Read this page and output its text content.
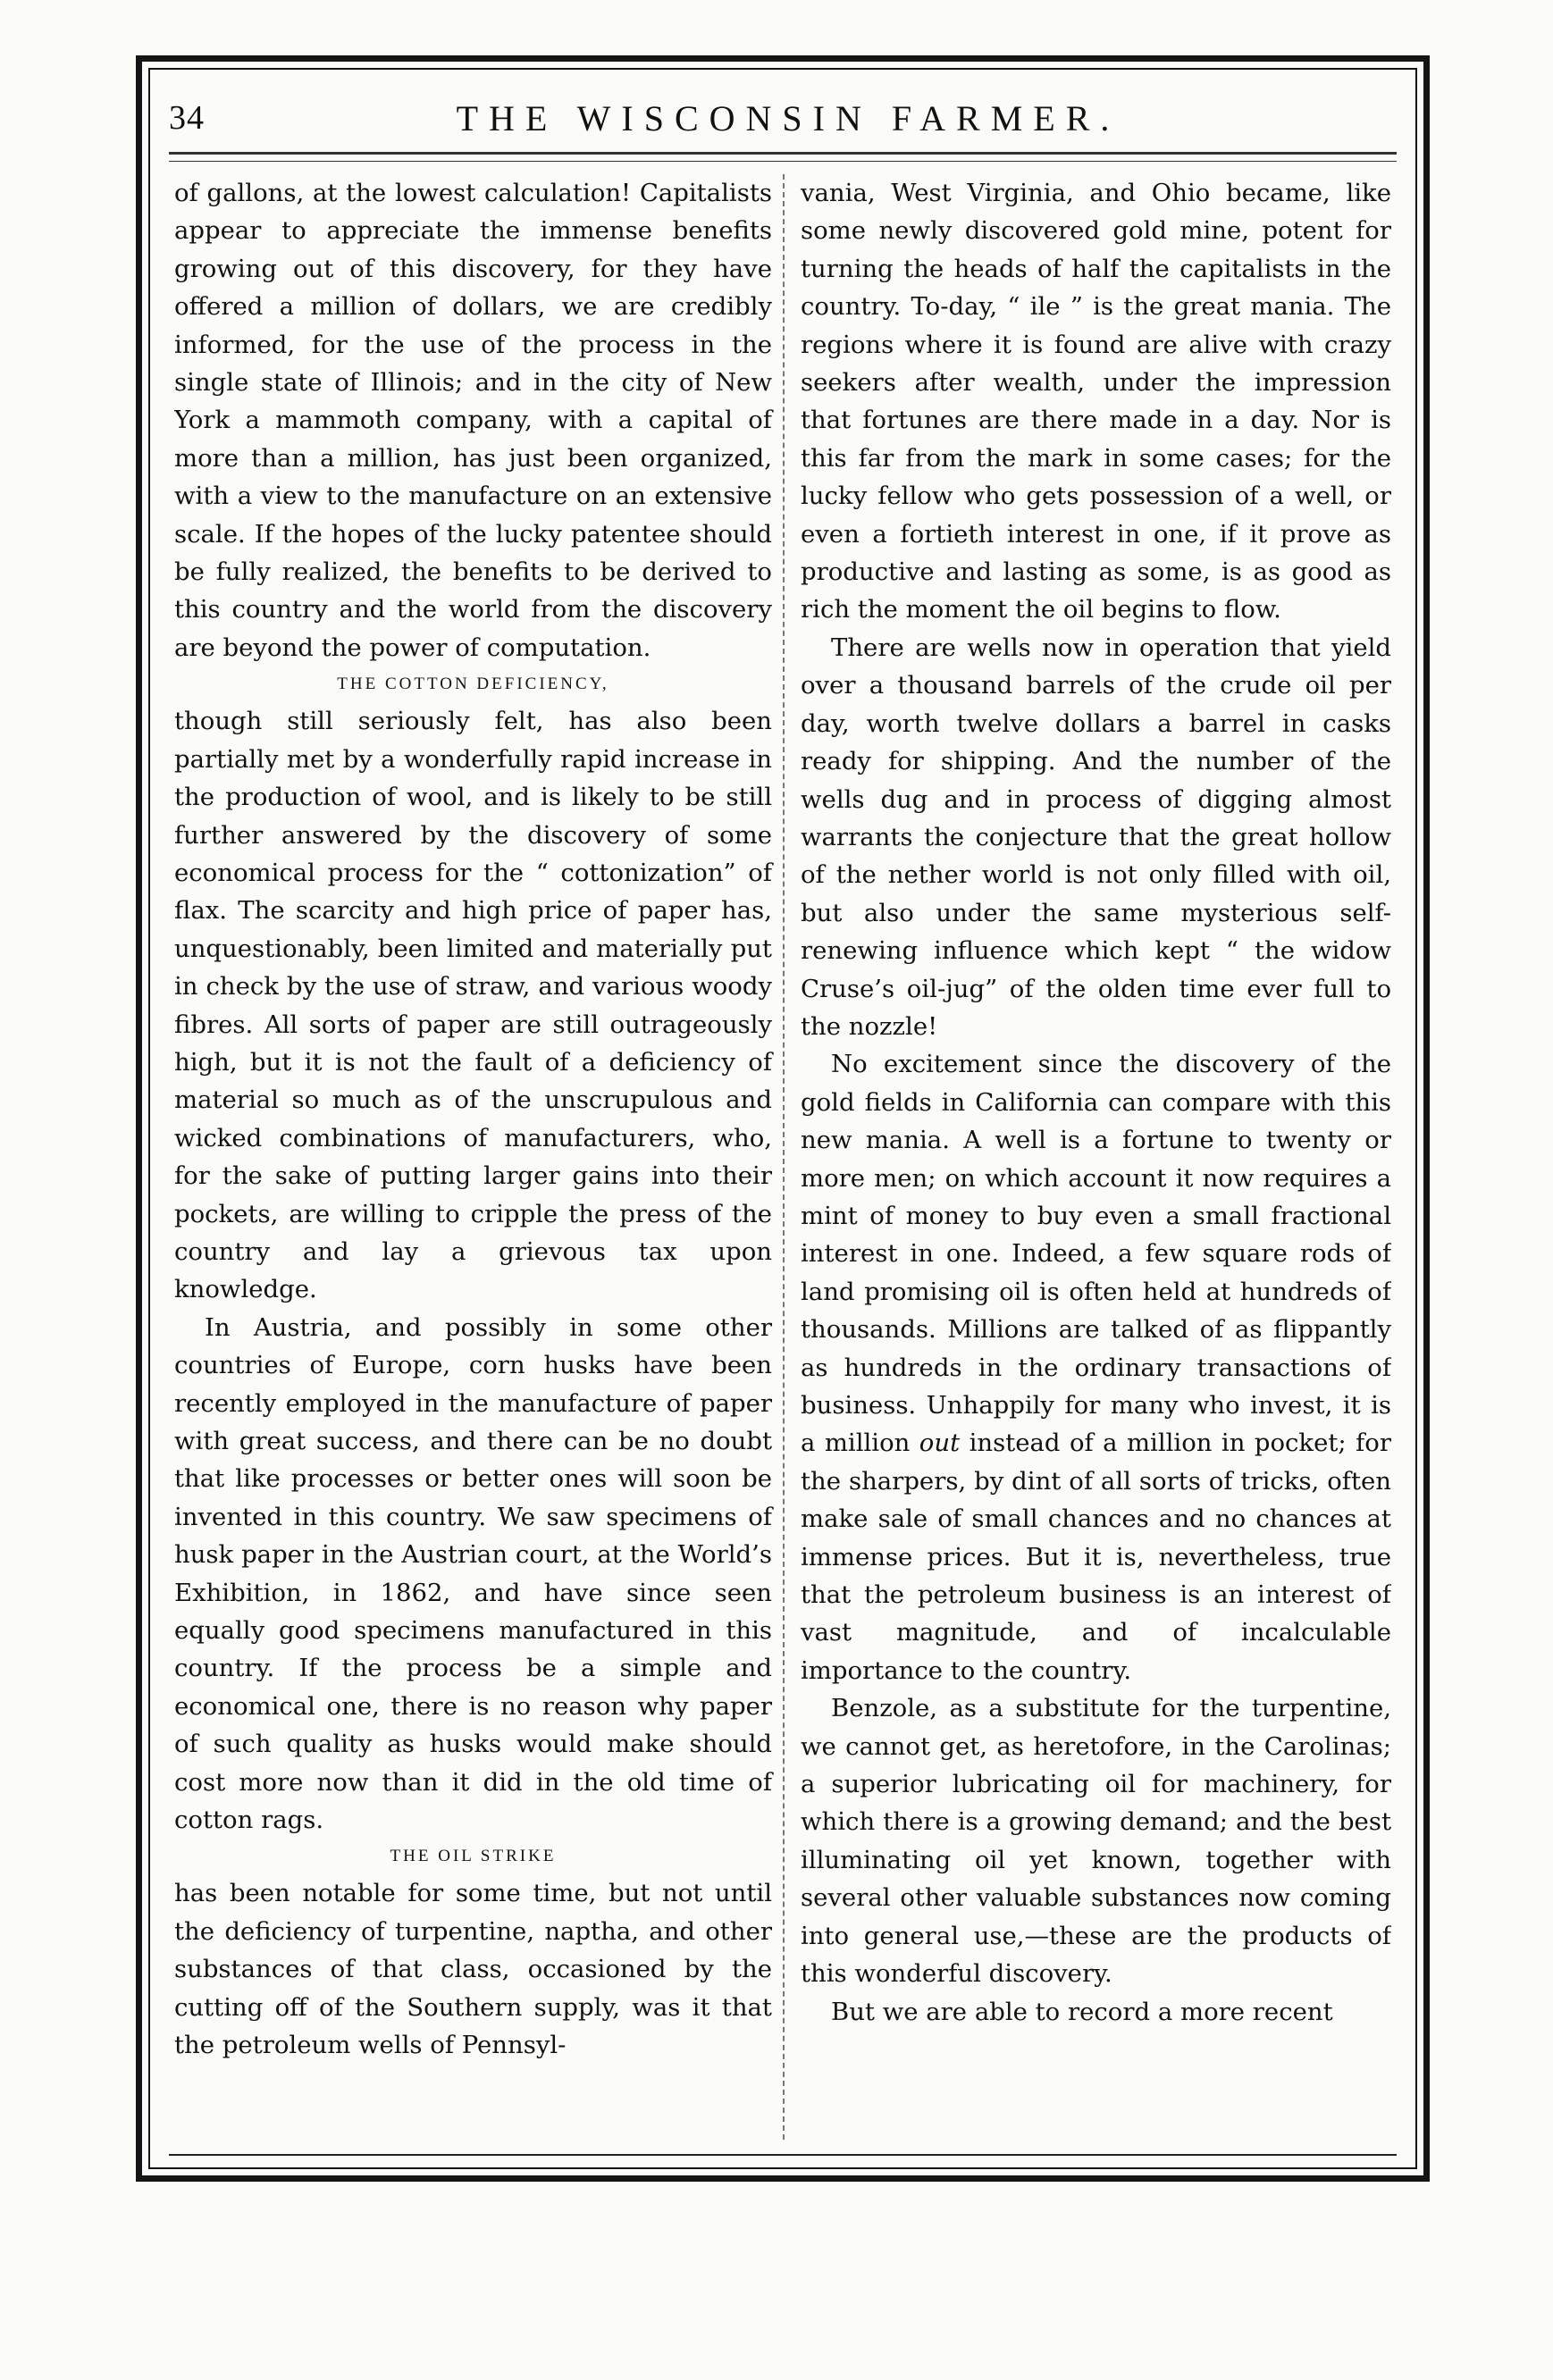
34	THE WISCONSIN FARMER.

of gallons, at the lowest calculation! Capitalists appear to appreciate the immense benefits growing out of this discovery, for they have offered a million of dollars, we are credibly informed, for the use of the process in the single state of Illinois; and in the city of New York a mammoth company, with a capital of more than a million, has just been organized, with a view to the manufacture on an extensive scale. If the hopes of the lucky patentee should be fully realized, the benefits to be derived to this country and the world from the discovery are beyond the power of computation.

THE COTTON DEFICIENCY,

though still seriously felt, has also been partially met by a wonderfully rapid increase in the production of wool, and is likely to be still further answered by the discovery of some economical process for the “ cottonization” of flax. The scarcity and high price of paper has, unquestionably, been limited and materially put in check by the use of straw, and various woody fibres. All sorts of paper are still outrageously high, but it is not the fault of a deficiency of material so much as of the unscrupulous and wicked combinations of manufacturers, who, for the sake of putting larger gains into their pockets, are willing to cripple the press of the country and lay a grievous tax upon knowledge.

In Austria, and possibly in some other countries of Europe, corn husks have been recently employed in the manufacture of paper with great success, and there can be no doubt that like processes or better ones will soon be invented in this country. We saw specimens of husk paper in the Austrian court, at the World’s Exhibition, in 1862, and have since seen equally good specimens manufactured in this country. If the process be a simple and economical one, there is no reason why paper of such quality as husks would make should cost more now than it did in the old time of cotton rags.

THE OIL STRIKE

has been notable for some time, but not until the deficiency of turpentine, naptha, and other substances of that class, occasioned by the cutting off of the Southern supply, was it that the petroleum wells of Pennsyl-

vania, West Virginia, and Ohio became, like some newly discovered gold mine, potent for turning the heads of half the capitalists in the country. To-day, “ ile ” is the great mania. The regions where it is found are alive with crazy seekers after wealth, under the impression that fortunes are there made in a day. Nor is this far from the mark in some cases; for the lucky fellow who gets possession of a well, or even a fortieth interest in one, if it prove as productive and lasting as some, is as good as rich the moment the oil begins to flow.

There are wells now in operation that yield over a thousand barrels of the crude oil per day, worth twelve dollars a barrel in casks ready for shipping. And the number of the wells dug and in process of digging almost warrants the conjecture that the great hollow of the nether world is not only filled with oil, but also under the same mysterious self-renewing influence which kept “ the widow Cruse’s oil-jug” of the olden time ever full to the nozzle!

No excitement since the discovery of the gold fields in California can compare with this new mania. A well is a fortune to twenty or more men; on which account it now requires a mint of money to buy even a small fractional interest in one. Indeed, a few square rods of land promising oil is often held at hundreds of thousands. Millions are talked of as flippantly as hundreds in the ordinary transactions of business. Unhappily for many who invest, it is a million out instead of a million in pocket; for the sharpers, by dint of all sorts of tricks, often make sale of small chances and no chances at immense prices. But it is, nevertheless, true that the petroleum business is an interest of vast magnitude, and of incalculable importance to the country.

Benzole, as a substitute for the turpentine, we cannot get, as heretofore, in the Carolinas; a superior lubricating oil for machinery, for which there is a growing demand; and the best illuminating oil yet known, together with several other valuable substances now coming into general use,—these are the products of this wonderful discovery.

But we are able to record a more recent
